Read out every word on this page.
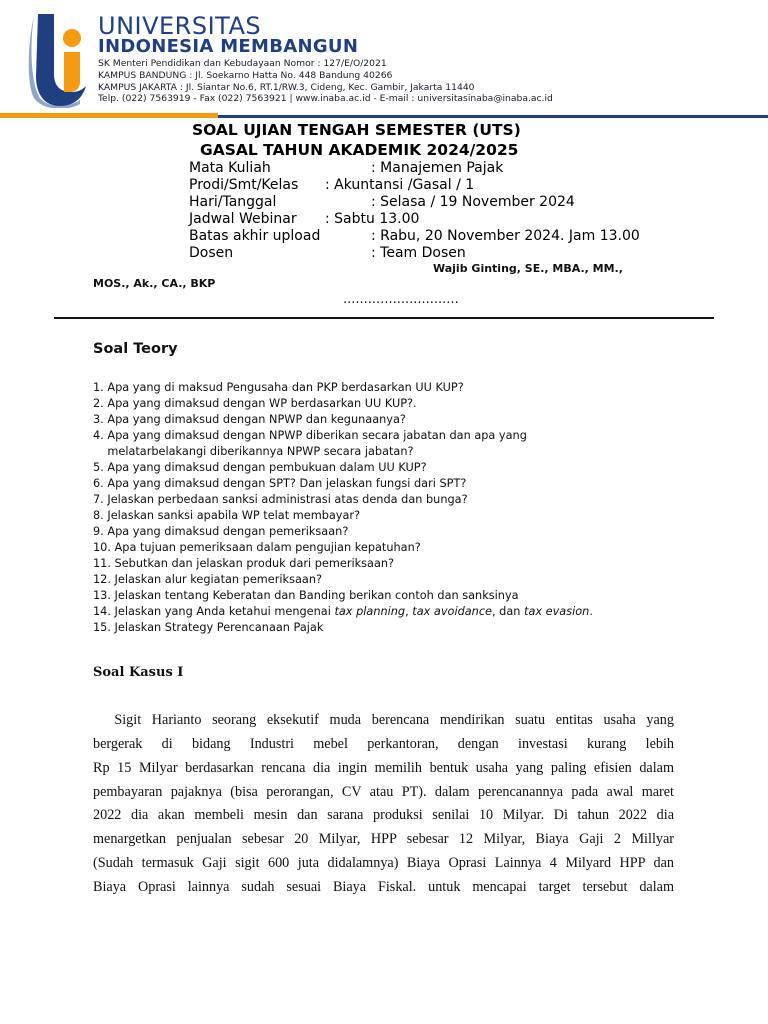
UNIVERSITAS
INDONESIA MEMBANGUN
SK Menteri Pendidikan dan Kebudayaan Nomor : 127/E/O/2021
KAMPUS BANDUNG : Jl. Soekarno Hatta No. 448 Bandung 40266
KAMPUS JAKARTA : Jl. Siantar No.6, RT.1/RW.3, Cideng, Kec. Gambir, Jakarta 11440
Telp. (022) 7563919 - Fax (022) 7563921 | www.inaba.ac.id - E-mail : universitasinaba@inaba.ac.id
SOAL UJIAN TENGAH SEMESTER (UTS)
GASAL TAHUN AKADEMIK 2024/2025
Mata Kuliah	: Manajemen Pajak
Prodi/Smt/Kelas : Akuntansi /Gasal / 1
Hari/Tanggal	: Selasa / 19 November 2024
Jadwal Webinar : Sabtu 13.00
Batas akhir upload	: Rabu, 20 November 2024. Jam 13.00
Dosen	: Team Dosen
Wajib Ginting, SE., MBA., MM.,
MOS., Ak., CA., BKP
............................
Soal Teory
1. Apa yang di maksud Pengusaha dan PKP berdasarkan UU KUP?
2. Apa yang dimaksud dengan WP berdasarkan UU KUP?.
3. Apa yang dimaksud dengan NPWP dan kegunaanya?
4. Apa yang dimaksud dengan NPWP diberikan secara jabatan dan apa yang
melatarbelakangi diberikannya NPWP secara jabatan?
5. Apa yang dimaksud dengan pembukuan dalam UU KUP?
6. Apa yang dimaksud dengan SPT? Dan jelaskan fungsi dari SPT?
7. Jelaskan perbedaan sanksi administrasi atas denda dan bunga?
8. Jelaskan sanksi apabila WP telat membayar?
9. Apa yang dimaksud dengan pemeriksaan?
10. Apa tujuan pemeriksaan dalam pengujian kepatuhan?
11. Sebutkan dan jelaskan produk dari pemeriksaan?
12. Jelaskan alur kegiatan pemeriksaan?
13. Jelaskan tentang Keberatan dan Banding berikan contoh dan sanksinya
14. Jelaskan yang Anda ketahui mengenai tax planning, tax avoidance, dan tax evasion.
15. Jelaskan Strategy Perencanaan Pajak
Soal Kasus I
Sigit Harianto seorang eksekutif muda berencana mendirikan suatu entitas usaha yang
bergerak di bidang Industri mebel perkantoran, dengan investasi kurang lebih
Rp 15 Milyar berdasarkan rencana dia ingin memilih bentuk usaha yang paling efisien dalam
pembayaran pajaknya (bisa perorangan, CV atau PT). dalam perencanannya pada awal maret
2022 dia akan membeli mesin dan sarana produksi senilai 10 Milyar. Di tahun 2022 dia
menargetkan penjualan sebesar 20 Milyar, HPP sebesar 12 Milyar, Biaya Gaji 2 Millyar
(Sudah termasuk Gaji sigit 600 juta didalamnya) Biaya Oprasi Lainnya 4 Milyard HPP dan
Biaya Oprasi lainnya sudah sesuai Biaya Fiskal. untuk mencapai target tersebut dalam
